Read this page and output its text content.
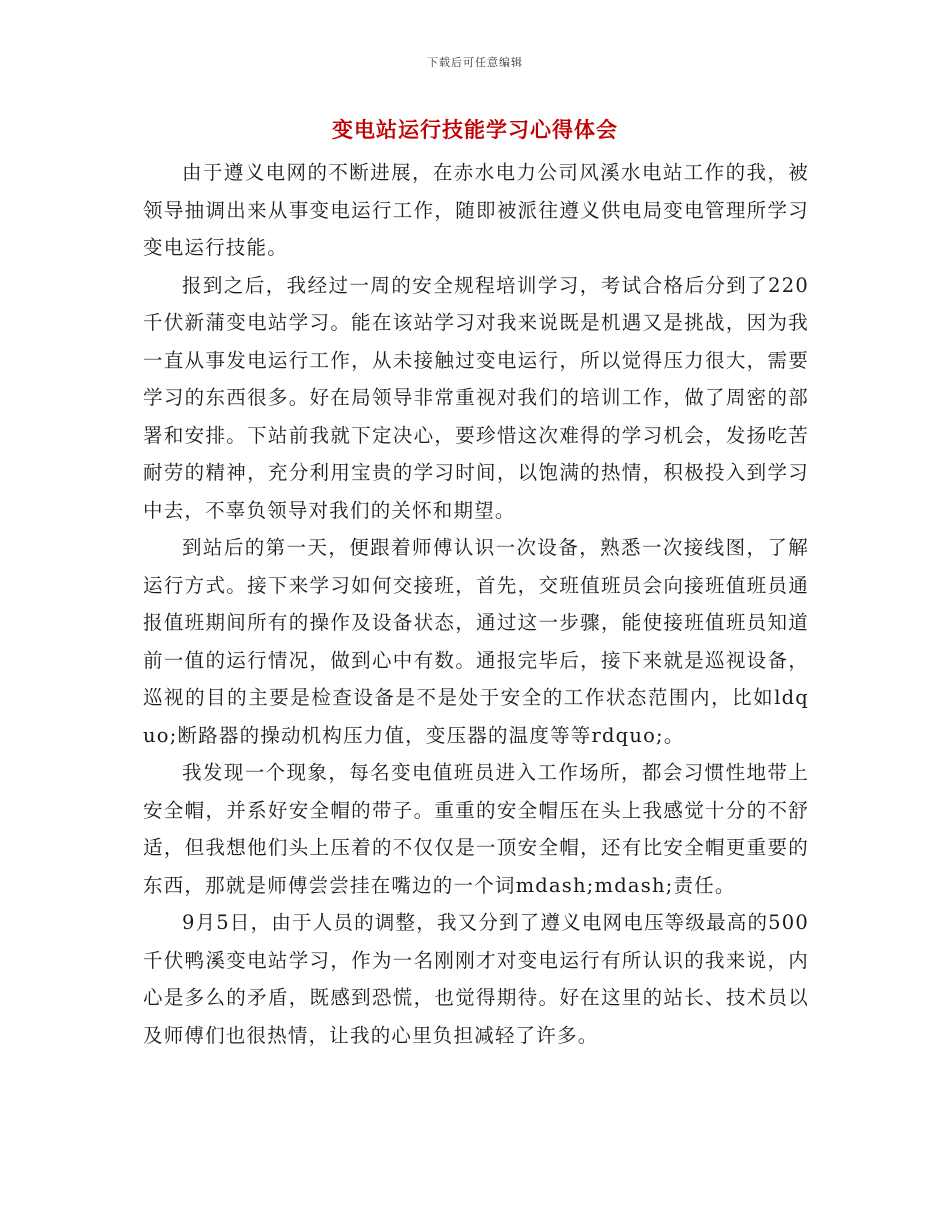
下载后可任意编辑
变电站运行技能学习心得体会

由于遵义电网的不断进展，在赤水电力公司风溪水电站工作的我，被领导抽调出来从事变电运行工作，随即被派往遵义供电局变电管理所学习变电运行技能。

报到之后，我经过一周的安全规程培训学习，考试合格后分到了220千伏新蒲变电站学习。能在该站学习对我来说既是机遇又是挑战，因为我一直从事发电运行工作，从未接触过变电运行，所以觉得压力很大，需要学习的东西很多。好在局领导非常重视对我们的培训工作，做了周密的部署和安排。下站前我就下定决心，要珍惜这次难得的学习机会，发扬吃苦耐劳的精神，充分利用宝贵的学习时间，以饱满的热情，积极投入到学习中去，不辜负领导对我们的关怀和期望。

到站后的第一天，便跟着师傅认识一次设备，熟悉一次接线图，了解运行方式。接下来学习如何交接班，首先，交班值班员会向接班值班员通报值班期间所有的操作及设备状态，通过这一步骤，能使接班值班员知道前一值的运行情况，做到心中有数。通报完毕后，接下来就是巡视设备，巡视的目的主要是检查设备是不是处于安全的工作状态范围内，比如ldquo;断路器的操动机构压力值，变压器的温度等等rdquo;。

我发现一个现象，每名变电值班员进入工作场所，都会习惯性地带上安全帽，并系好安全帽的带子。重重的安全帽压在头上我感觉十分的不舒适，但我想他们头上压着的不仅仅是一顶安全帽，还有比安全帽更重要的东西，那就是师傅尝尝挂在嘴边的一个词mdash;mdash;责任。

9月5日，由于人员的调整，我又分到了遵义电网电压等级最高的500千伏鸭溪变电站学习，作为一名刚刚才对变电运行有所认识的我来说，内心是多么的矛盾，既感到恐慌，也觉得期待。好在这里的站长、技术员以及师傅们也很热情，让我的心里负担减轻了许多。
